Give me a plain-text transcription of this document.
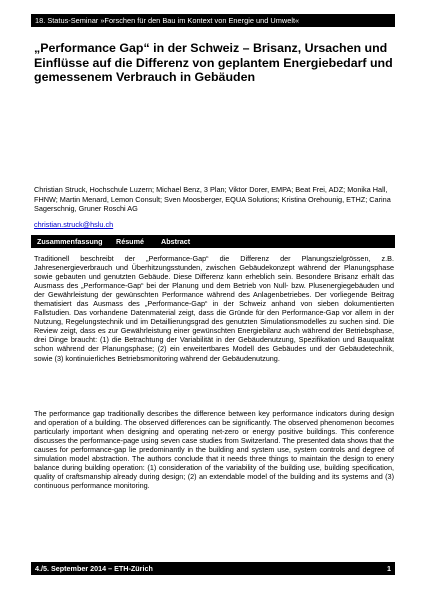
18. Status-Seminar »Forschen für den Bau im Kontext von Energie und Umwelt«
„Performance Gap“ in der Schweiz – Brisanz, Ursachen und Einflüsse auf die Differenz von geplantem Energiebedarf und gemessenem Verbrauch in Gebäuden
Christian Struck, Hochschule Luzern; Michael Benz, 3 Plan; Viktor Dorer, EMPA; Beat Frei, ADZ; Monika Hall, FHNW; Martin Menard, Lemon Consult; Sven Moosberger, EQUA Solutions; Kristina Orehounig, ETHZ; Carina Sagerschnig, Gruner Roschi AG
christian.struck@hslu.ch
Zusammenfassung	Résumé	Abstract
Traditionell beschreibt der „Performance-Gap“ die Differenz der Planungszielgrössen, z.B. Jahresenergieverbrauch und Überhitzungsstunden, zwischen Gebäudekonzept während der Planungsphase sowie gebauten und genutzten Gebäude. Diese Differenz kann erheblich sein. Besondere Brisanz erhält das Ausmass des „Performance-Gap“ bei der Planung und dem Betrieb von Null- bzw. Plusenergiegebäuden und der Gewährleistung der gewünschten Performance während des Anlagenbetriebes. Der vorliegende Beitrag thematisiert das Ausmass des „Performance-Gap“ in der Schweiz anhand von sieben dokumentierten Fallstudien. Das vorhandene Datenmaterial zeigt, dass die Gründe für den Performance-Gap vor allem in der Nutzung, Regelungstechnik und im Detaillierungsgrad des genutzten Simulationsmodelles zu suchen sind. Die Review zeigt, dass es zur Gewährleistung einer gewünschten Energiebilanz auch während der Betriebsphase, drei Dinge braucht: (1) die Betrachtung der Variabilität in der Gebäudenutzung, Spezifikation und Bauqualität schon während der Planungsphase; (2) ein erweitertbares Modell des Gebäudes und der Gebäudetechnik, sowie (3) kontinuierliches Betriebsmonitoring während der Gebäudenutzung.
The performance gap traditionally describes the difference between key performance indicators during design and operation of a building. The observed differences can be significantly. The observed phenomenon becomes particularly important when designing and operating net-zero or energy positive buildings. This conference discusses the performance-page using seven case studies from Switzerland. The presented data shows that the causes for performance-gap lie predominantly in the building and system use, system controls and degree of simulation model abstraction. The authors conclude that it needs three things to maintain the design to enery balance during building operation: (1) consideration of the variability of the building use, building specification, quality of craftsmanship already during design; (2) an extendable model of the building and its systems and (3) continuous performance monitoring.
4./5. September 2014 – ETH-Zürich	1
